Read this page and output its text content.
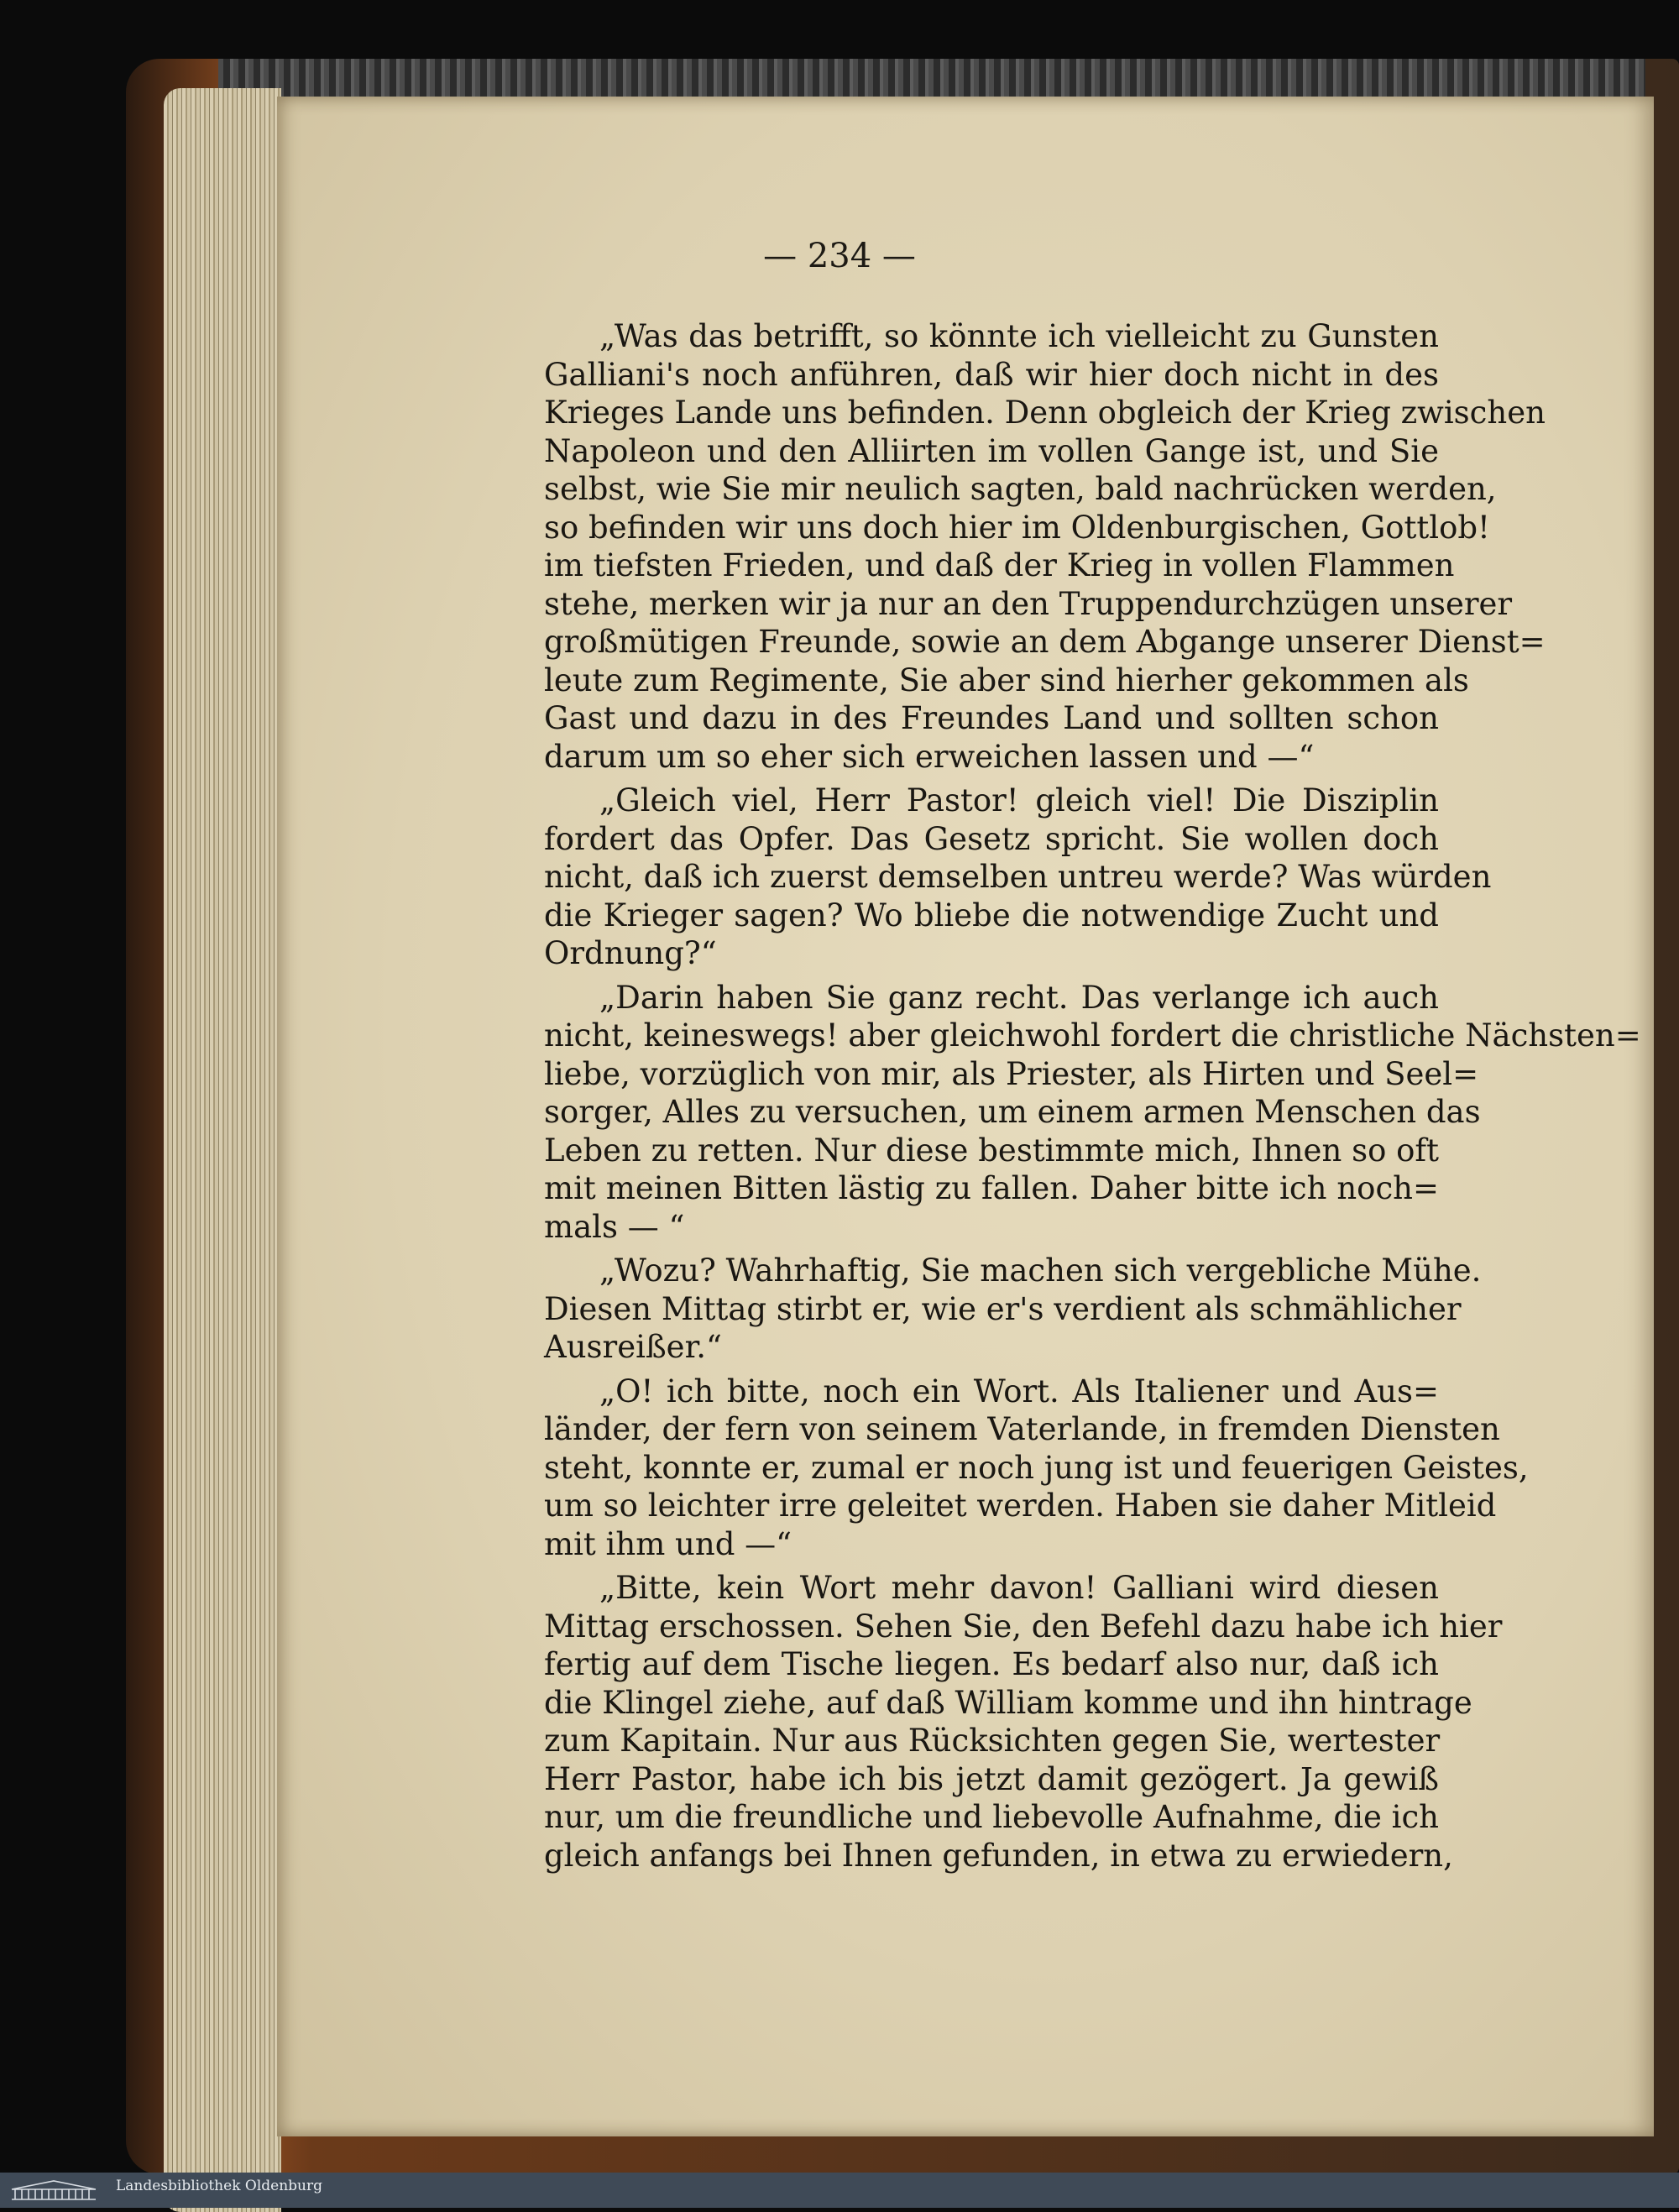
— 234 —
„Was das betrifft, so könnte ich vielleicht zu Gunsten
Galliani's noch anführen, daß wir hier doch nicht in des
Krieges Lande uns befinden. Denn obgleich der Krieg zwischen
Napoleon und den Alliirten im vollen Gange ist, und Sie
selbst, wie Sie mir neulich sagten, bald nachrücken werden,
so befinden wir uns doch hier im Oldenburgischen, Gottlob!
im tiefsten Frieden, und daß der Krieg in vollen Flammen
stehe, merken wir ja nur an den Truppendurchzügen unserer
großmütigen Freunde, sowie an dem Abgange unserer Dienst=
leute zum Regimente, Sie aber sind hierher gekommen als
Gast und dazu in des Freundes Land und sollten schon
darum um so eher sich erweichen lassen und —“
„Gleich viel, Herr Pastor! gleich viel! Die Disziplin
fordert das Opfer. Das Gesetz spricht. Sie wollen doch
nicht, daß ich zuerst demselben untreu werde? Was würden
die Krieger sagen? Wo bliebe die notwendige Zucht und
Ordnung?“
„Darin haben Sie ganz recht. Das verlange ich auch
nicht, keineswegs! aber gleichwohl fordert die christliche Nächsten=
liebe, vorzüglich von mir, als Priester, als Hirten und Seel=
sorger, Alles zu versuchen, um einem armen Menschen das
Leben zu retten. Nur diese bestimmte mich, Ihnen so oft
mit meinen Bitten lästig zu fallen. Daher bitte ich noch=
mals — “
„Wozu? Wahrhaftig, Sie machen sich vergebliche Mühe.
Diesen Mittag stirbt er, wie er's verdient als schmählicher
Ausreißer.“
„O! ich bitte, noch ein Wort. Als Italiener und Aus=
länder, der fern von seinem Vaterlande, in fremden Diensten
steht, konnte er, zumal er noch jung ist und feuerigen Geistes,
um so leichter irre geleitet werden. Haben sie daher Mitleid
mit ihm und —“
„Bitte, kein Wort mehr davon! Galliani wird diesen
Mittag erschossen. Sehen Sie, den Befehl dazu habe ich hier
fertig auf dem Tische liegen. Es bedarf also nur, daß ich
die Klingel ziehe, auf daß William komme und ihn hintrage
zum Kapitain. Nur aus Rücksichten gegen Sie, wertester
Herr Pastor, habe ich bis jetzt damit gezögert. Ja gewiß
nur, um die freundliche und liebevolle Aufnahme, die ich
gleich anfangs bei Ihnen gefunden, in etwa zu erwiedern,
Landesbibliothek Oldenburg
